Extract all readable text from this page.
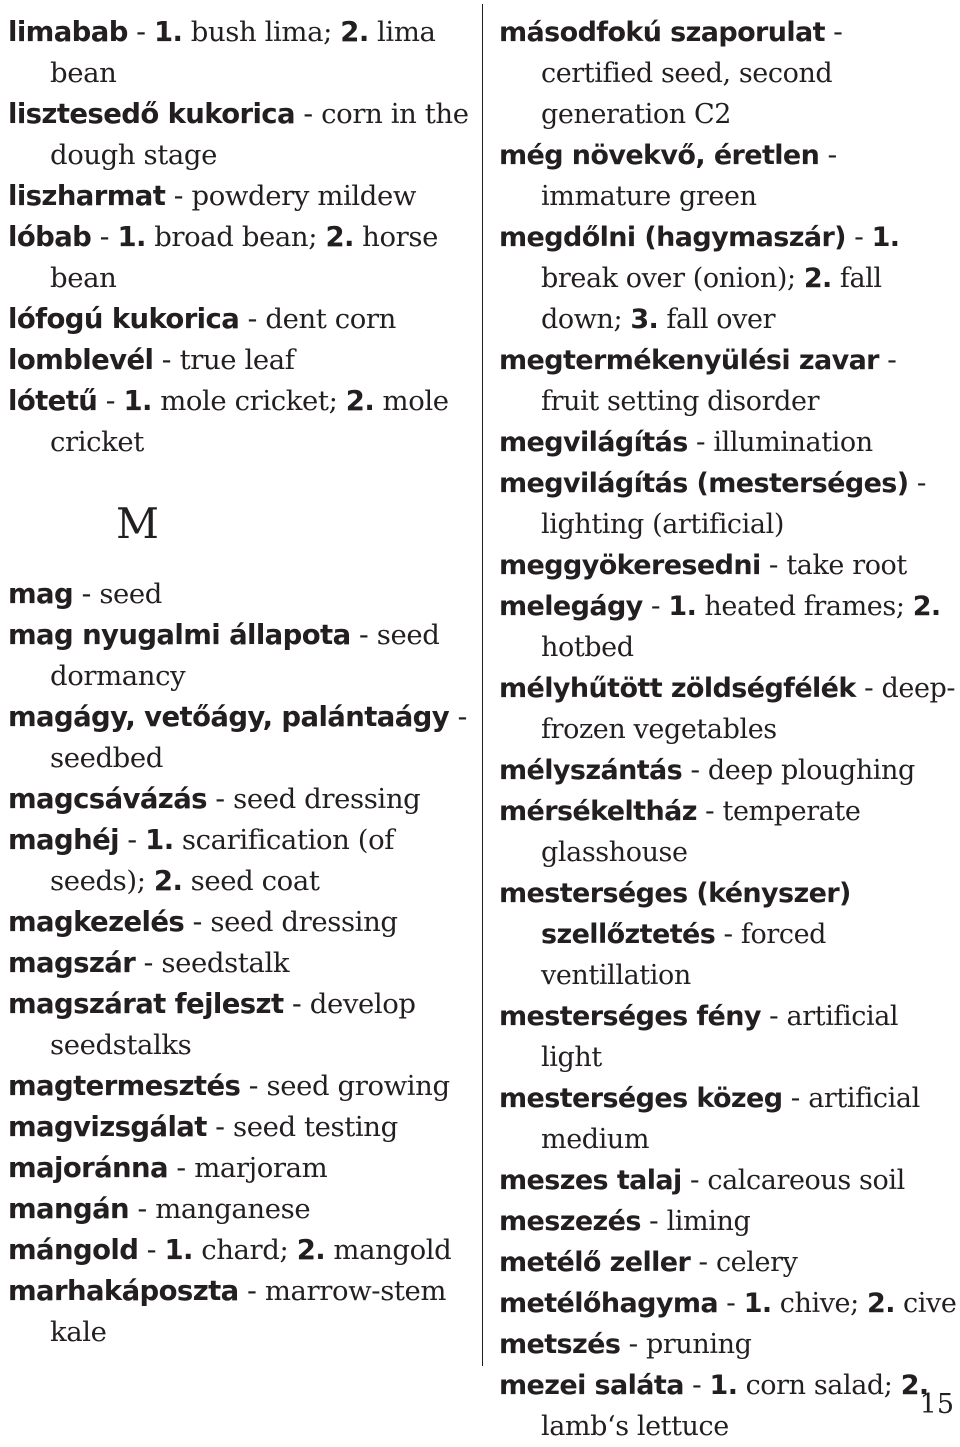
limabab - 1. bush lima; 2. lima bean

lisztesedő kukorica - corn in the dough stage

liszharmat - powdery mildew

lóbab - 1. broad bean; 2. horse bean

lófogú kukorica - dent corn

lomblevél - true leaf

lótetű - 1. mole cricket; 2. mole cricket

M

mag - seed

mag nyugalmi állapota - seed dormancy

magágy, vetőágy, palántaágy - seedbed

magcsávázás - seed dressing

maghéj - 1. scarification (of seeds); 2. seed coat

magkezelés - seed dressing

magszár - seedstalk

magszárat fejleszt - develop seedstalks

magtermesztés - seed growing

magvizsgálat - seed testing

majoránna - marjoram

mangán - manganese

mángold - 1. chard; 2. mangold

marhakáposzta - marrow-stem kale

másodfokú szaporulat - certified seed, second generation C2

még növekvő, éretlen - immature green

megdőlni (hagymaszár) - 1. break over (onion); 2. fall down; 3. fall over

megtermékenyülési zavar - fruit setting disorder

megvilágítás - illumination

megvilágítás (mesterséges) - lighting (artificial)

meggyökeresedni - take root

melegágy - 1. heated frames; 2. hotbed

mélyhűtött zöldségfélék - deep-frozen vegetables

mélyszántás - deep ploughing

mérsékeltház - temperate glasshouse

mesterséges (kényszer) szellőztetés - forced ventillation

mesterséges fény - artificial light

mesterséges közeg - artificial medium

meszes talaj - calcareous soil

meszezés - liming

metélő zeller - celery

metélőhagyma - 1. chive; 2. cive

metszés - pruning

mezei saláta - 1. corn salad; 2. lamb‘s lettuce

15
